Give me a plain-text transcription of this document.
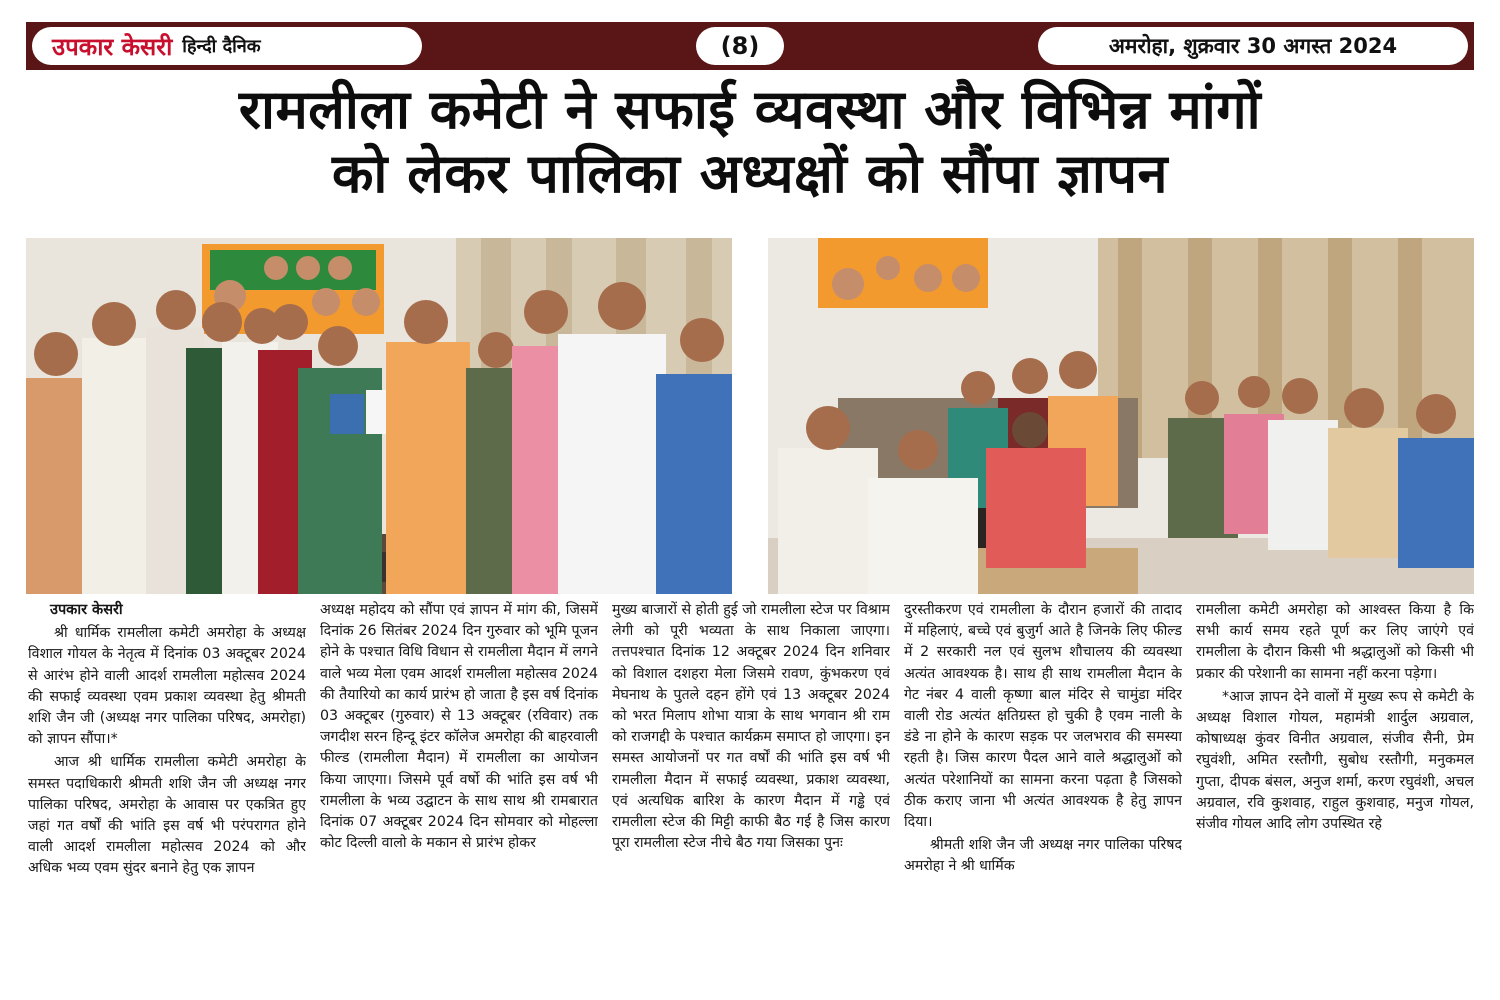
उपकार केसरी हिन्दी दैनिक	(8)	अमरोहा, शुक्रवार 30 अगस्त 2024
रामलीला कमेटी ने सफाई व्यवस्था और विभिन्न मांगों
को लेकर पालिका अध्यक्षों को सौंपा ज्ञापन

उपकार केसरी

श्री धार्मिक रामलीला कमेटी अमरोहा के अध्यक्ष विशाल गोयल के नेतृत्व में दिनांक 03 अक्टूबर 2024 से आरंभ होने वाली आदर्श रामलीला महोत्सव 2024 की सफाई व्यवस्था एवम प्रकाश व्यवस्था हेतु श्रीमती शशि जैन जी (अध्यक्ष नगर पालिका परिषद, अमरोहा) को ज्ञापन सौंपा।*

आज श्री धार्मिक रामलीला कमेटी अमरोहा के समस्त पदाधिकारी श्रीमती शशि जैन जी अध्यक्ष नगर पालिका परिषद, अमरोहा के आवास पर एकत्रित हुए जहां गत वर्षों की भांति इस वर्ष भी परंपरागत होने वाली आदर्श रामलीला महोत्सव 2024 को और अधिक भव्य एवम सुंदर बनाने हेतु एक ज्ञापन

अध्यक्ष महोदय को सौंपा एवं ज्ञापन में मांग की, जिसमें दिनांक 26 सितंबर 2024 दिन गुरुवार को भूमि पूजन होने के पश्चात विधि विधान से रामलीला मैदान में लगने वाले भव्य मेला एवम आदर्श रामलीला महोत्सव 2024 की तैयारियो का कार्य प्रारंभ हो जाता है इस वर्ष दिनांक 03 अक्टूबर (गुरुवार) से 13 अक्टूबर (रविवार) तक जगदीश सरन हिन्दू इंटर कॉलेज अमरोहा की बाहरवाली फील्ड (रामलीला मैदान) में रामलीला का आयोजन किया जाएगा। जिसमे पूर्व वर्षो की भांति इस वर्ष भी रामलीला के भव्य उद्घाटन के साथ साथ श्री रामबारात दिनांक 07 अक्टूबर 2024 दिन सोमवार को मोहल्ला कोट दिल्ली वालो के मकान से प्रारंभ होकर

मुख्य बाजारों से होती हुई जो रामलीला स्टेज पर विश्राम लेगी को पूरी भव्यता के साथ निकाला जाएगा। तत्तपश्चात दिनांक 12 अक्टूबर 2024 दिन शनिवार को विशाल दशहरा मेला जिसमे रावण, कुंभकरण एवं मेघनाथ के पुतले दहन होंगे एवं 13 अक्टूबर 2024 को भरत मिलाप शोभा यात्रा के साथ भगवान श्री राम को राजगद्दी के पश्चात कार्यक्रम समाप्त हो जाएगा। इन समस्त आयोजनों पर गत वर्षों की भांति इस वर्ष भी रामलीला मैदान में सफाई व्यवस्था, प्रकाश व्यवस्था, एवं अत्यधिक बारिश के कारण मैदान में गड्ढे एवं रामलीला स्टेज की मिट्टी काफी बैठ गई है जिस कारण पूरा रामलीला स्टेज नीचे बैठ गया जिसका पुनः

दुरस्तीकरण एवं रामलीला के दौरान हजारों की तादाद में महिलाएं, बच्चे एवं बुजुर्ग आते है जिनके लिए फील्ड में 2 सरकारी नल एवं सुलभ शौचालय की व्यवस्था अत्यंत आवश्यक है। साथ ही साथ रामलीला मैदान के गेट नंबर 4 वाली कृष्णा बाल मंदिर से चामुंडा मंदिर वाली रोड अत्यंत क्षतिग्रस्त हो चुकी है एवम नाली के डंडे ना होने के कारण सड़क पर जलभराव की समस्या रहती है। जिस कारण पैदल आने वाले श्रद्धालुओं को अत्यंत परेशानियों का सामना करना पढ़ता है जिसको ठीक कराए जाना भी अत्यंत आवश्यक है हेतु ज्ञापन दिया।

श्रीमती शशि जैन जी अध्यक्ष नगर पालिका परिषद अमरोहा ने श्री धार्मिक

रामलीला कमेटी अमरोहा को आश्वस्त किया है कि सभी कार्य समय रहते पूर्ण कर लिए जाएंगे एवं रामलीला के दौरान किसी भी श्रद्धालुओं को किसी भी प्रकार की परेशानी का सामना नहीं करना पड़ेगा।

*आज ज्ञापन देने वालों में मुख्य रूप से कमेटी के अध्यक्ष विशाल गोयल, महामंत्री शार्दुल अग्रवाल, कोषाध्यक्ष कुंवर विनीत अग्रवाल, संजीव सैनी, प्रेम रघुवंशी, अमित रस्तौगी, सुबोध रस्तौगी, मनुकमल गुप्ता, दीपक बंसल, अनुज शर्मा, करण रघुवंशी, अचल अग्रवाल, रवि कुशवाह, राहुल कुशवाह, मनुज गोयल, संजीव गोयल आदि लोग उपस्थित रहे
